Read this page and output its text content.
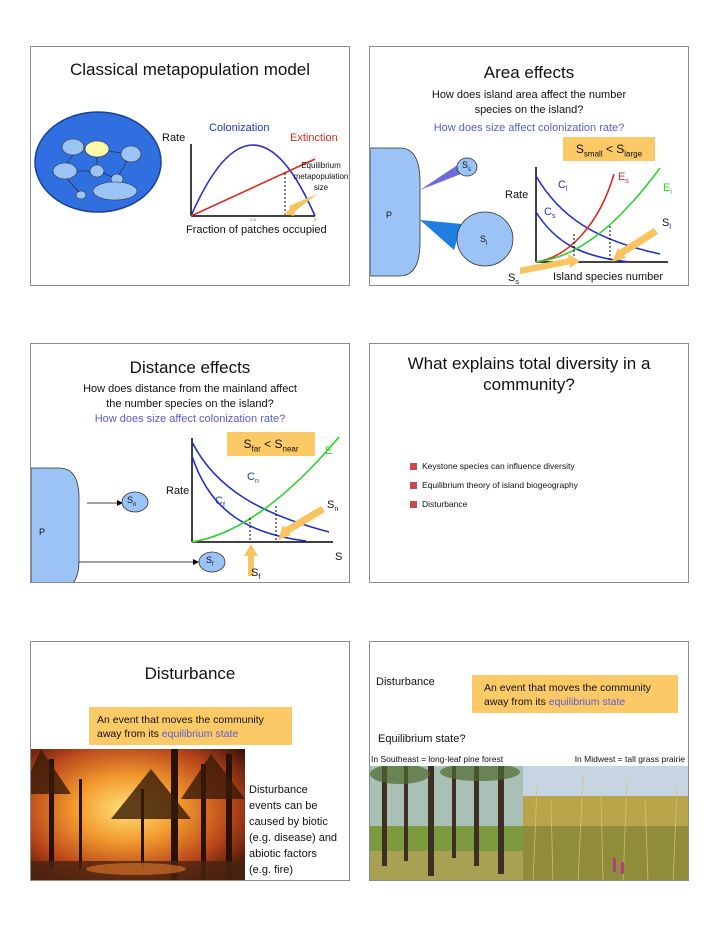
Classical metapopulation model
Rate
Colonization
Extinction
0.5	1
Equilibrium
metapopulation
size
Fraction of patches occupied
Area effects
How does island area affect the number
species on the island?
How does size affect colonization rate?
$S_{small} < S_{large}$
P
$S_s$
$S_l$
Rate
$C_l$
$C_s$
$E_s$
$E_l$
$S_l$
$S_s$	Island species number
Distance effects
How does distance from the mainland affect
the number species on the island?
How does size affect colonization rate?
$S_{far} < S_{near}$
P
$S_n$
$S_f$
Rate
E
$C_n$
$C_f$	$S_n$
$S_f$
S
What explains total diversity in a
community?
Keystone species can influence diversity
Equilibrium theory of island biogeography
Disturbance
Disturbance
An event that moves the community away from its equilibrium state
Disturbance
events can be
caused by biotic
(e.g. disease) and
abiotic factors
(e.g. fire)
Disturbance	An event that moves the community away from its equilibrium state
Equilibrium state?
In Southeast = long-leaf pine forest	In Midwest = tall grass prairie
